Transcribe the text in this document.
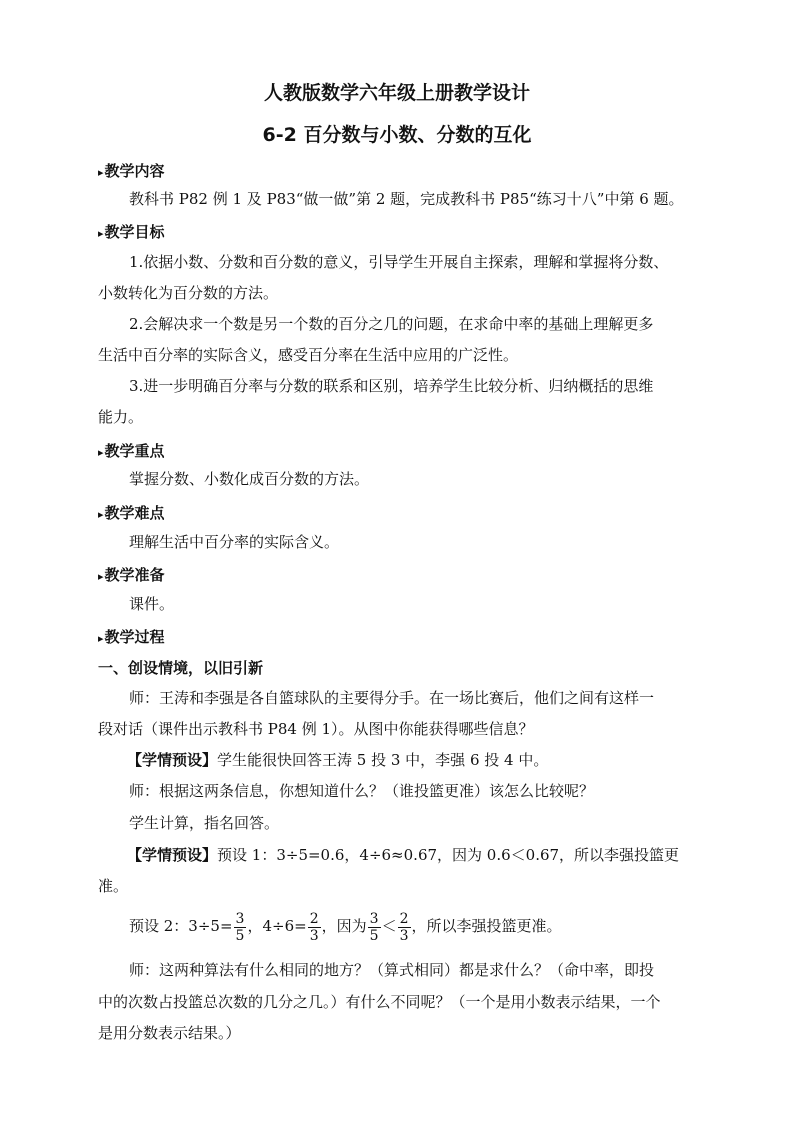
人教版数学六年级上册教学设计
6-2 百分数与小数、分数的互化
▸教学内容
教科书 P82 例 1 及 P83“做一做”第 2 题，完成教科书 P85“练习十八”中第 6 题。
▸教学目标
1.依据小数、分数和百分数的意义，引导学生开展自主探索，理解和掌握将分数、
小数转化为百分数的方法。
2.会解决求一个数是另一个数的百分之几的问题，在求命中率的基础上理解更多
生活中百分率的实际含义，感受百分率在生活中应用的广泛性。
3.进一步明确百分率与分数的联系和区别，培养学生比较分析、归纳概括的思维
能力。
▸教学重点
掌握分数、小数化成百分数的方法。
▸教学难点
理解生活中百分率的实际含义。
▸教学准备
课件。
▸教学过程
一、创设情境，以旧引新
师：王涛和李强是各自篮球队的主要得分手。在一场比赛后，他们之间有这样一
段对话（课件出示教科书 P84 例 1）。从图中你能获得哪些信息？
【学情预设】学生能很快回答王涛 5 投 3 中，李强 6 投 4 中。
师：根据这两条信息，你想知道什么？（谁投篮更准）该怎么比较呢？
学生计算，指名回答。
【学情预设】预设 1：3÷5=0.6，4÷6≈0.67，因为 0.6＜0.67，所以李强投篮更
准。
预设 2：$3\div 5= \frac{3}{5}$ ，$4\div 6= \frac{2}{3}$ ，因为 $\frac{3}{5} < \frac{2}{3}$ ，所以李强投篮更准。
师：这两种算法有什么相同的地方？（算式相同）都是求什么？（命中率，即投
中的次数占投篮总次数的几分之几。）有什么不同呢？（一个是用小数表示结果，一个
是用分数表示结果。）
